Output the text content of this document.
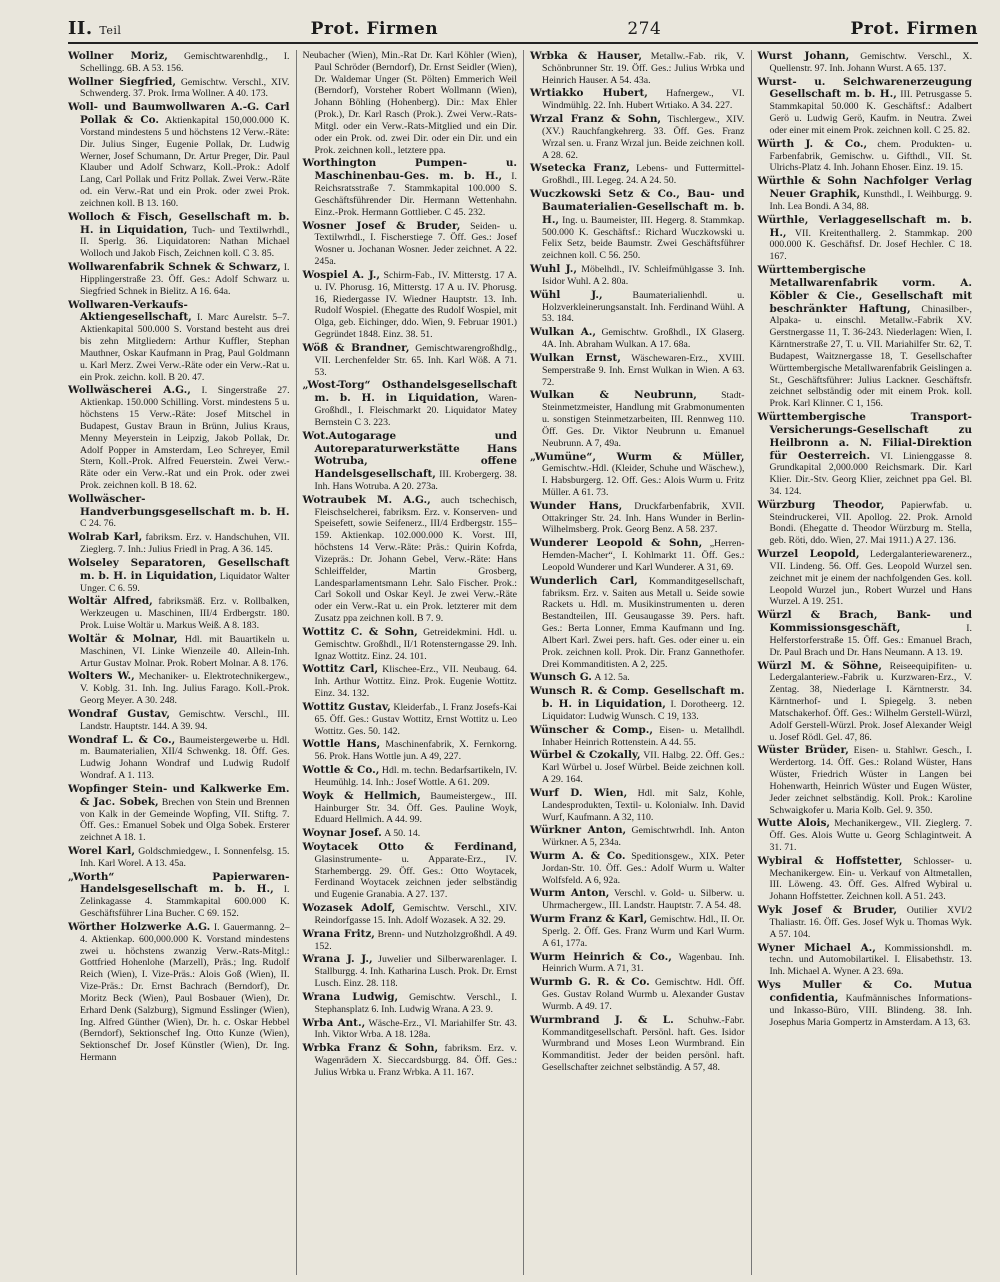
II. Teil	Prot. Firmen	274	Prot. Firmen

Wollner Moriz, Gemischtwarenhdlg., I. Schellingg. 6B. A 53. 156.

Wollner Siegfried, Gemischtw. Verschl., XIV. Schwenderg. 37. Prok. Irma Wollner. A 40. 173.

Woll- und Baumwollwaren A.-G. Carl Pollak & Co. Aktienkapital 150,000.000 K. Vorstand mindestens 5 und höchstens 12 Verw.-Räte: Dir. Julius Singer, Eugenie Pollak, Dr. Ludwig Werner, Josef Schumann, Dr. Artur Preger, Dir. Paul Klauber und Adolf Schwarz, Koll.-Prok.: Adolf Lang, Carl Pollak und Fritz Pollak. Zwei Verw.-Räte od. ein Verw.-Rat und ein Prok. oder zwei Prok. zeichnen koll. B 13. 160.

Wolloch & Fisch, Gesellschaft m. b. H. in Liquidation, Tuch- und Textilwrhdl., II. Sperlg. 36. Liquidatoren: Nathan Michael Wolloch und Jakob Fisch, Zeichnen koll. C 3. 85.

Wollwarenfabrik Schnek & Schwarz, I. Hipplingerstraße 23. Öff. Ges.: Adolf Schwarz u. Siegfried Schnek in Bielitz. A 16. 64a.

Wollwaren-Verkaufs-Aktiengesellschaft, I. Marc Aurelstr. 5–7. Aktienkapital 500.000 S. Vorstand besteht aus drei bis zehn Mitgliedern: Arthur Kuffler, Stephan Mauthner, Oskar Kaufmann in Prag, Paul Goldmann u. Karl Merz. Zwei Verw.-Räte oder ein Verw.-Rat u. ein Prok. zeichn. koll. B 20. 47.

Wollwäscherei A.G., I. Singerstraße 27. Aktienkap. 150.000 Schilling. Vorst. mindestens 5 u. höchstens 15 Verw.-Räte: Josef Mitschel in Budapest, Gustav Braun in Brünn, Julius Kraus, Menny Meyerstein in Leipzig, Jakob Pollak, Dr. Adolf Popper in Amsterdam, Leo Schreyer, Emil Stern, Koll.-Prok. Alfred Feuerstein. Zwei Verw.-Räte oder ein Verw.-Rat und ein Prok. oder zwei Prok. zeichnen koll. B 18. 62.

Wollwäscher-Handverbungsgesellschaft m. b. H. C 24. 76.

Wolrab Karl, fabriksm. Erz. v. Handschuhen, VII. Zieglerg. 7. Inh.: Julius Friedl in Prag. A 36. 145.

Wolseley Separatoren, Gesellschaft m. b. H. in Liquidation, Liquidator Walter Unger. C 6. 59.

Woltär Alfred, fabriksmäß. Erz. v. Rollbalken, Werkzeugen u. Maschinen, III/4 Erdbergstr. 180. Prok. Luise Woltär u. Markus Weiß. A 8. 183.

Woltär & Molnar, Hdl. mit Bauartikeln u. Maschinen, VI. Linke Wienzeile 40. Allein-Inh. Artur Gustav Molnar. Prok. Robert Molnar. A 8. 176.

Wolters W., Mechaniker- u. Elektrotechnikergew., V. Koblg. 31. Inh. Ing. Julius Farago. Koll.-Prok. Georg Meyer. A 30. 248.

Wondraf Gustav, Gemischtw. Verschl., III. Landstr. Hauptstr. 144. A 39. 94.

Wondraf L. & Co., Baumeistergewerbe u. Hdl. m. Baumaterialien, XII/4 Schwenkg. 18. Öff. Ges. Ludwig Johann Wondraf und Ludwig Rudolf Wondraf. A 1. 113.

Wopfinger Stein- und Kalkwerke Em. & Jac. Sobek, Brechen von Stein und Brennen von Kalk in der Gemeinde Wopfing, VII. Stiftg. 7. Öff. Ges.: Emanuel Sobek und Olga Sobek. Ersterer zeichnet A 18. 1.

Worel Karl, Goldschmiedgew., I. Sonnenfelsg. 15. Inh. Karl Worel. A 13. 45a.

„Worth“ Papierwaren-Handelsgesellschaft m. b. H., I. Zelinkagasse 4. Stammkapital 600.000 K. Geschäftsführer Lina Bucher. C 69. 152.

Wörther Holzwerke A.G. I. Gauermanng. 2–4. Aktienkap. 600,000.000 K. Vorstand mindestens zwei u. höchstens zwanzig Verw.-Rats-Mitgl.: Gottfried Hohenlohe (Marzell), Präs.; Ing. Rudolf Reich (Wien), I. Vize-Präs.: Alois Goß (Wien), II. Vize-Präs.: Dr. Ernst Bachrach (Berndorf), Dr. Moritz Beck (Wien), Paul Bosbauer (Wien), Dr. Erhard Denk (Salzburg), Sigmund Esslinger (Wien), Ing. Alfred Günther (Wien), Dr. h. c. Oskar Hebbel (Berndorf), Sektionschef Ing. Otto Kunze (Wien), Sektionschef Dr. Josef Künstler (Wien), Dr. Ing. Hermann

Neubacher (Wien), Min.-Rat Dr. Karl Köhler (Wien), Paul Schröder (Berndorf), Dr. Ernst Seidler (Wien), Dr. Waldemar Unger (St. Pölten) Emmerich Weil (Berndorf), Vorsteher Robert Wollmann (Wien), Johann Böhling (Hohenberg). Dir.: Max Ehler (Prok.), Dr. Karl Rasch (Prok.). Zwei Verw.-Rats-Mitgl. oder ein Verw.-Rats-Mitglied und ein Dir. oder ein Prok. od. zwei Dir. oder ein Dir. und ein Prok. zeichnen koll., letztere ppa.

Worthington Pumpen- u. Maschinenbau-Ges. m. b. H., I. Reichsratsstraße 7. Stammkapital 100.000 S. Geschäftsführender Dir. Hermann Wettenhahn. Einz.-Prok. Hermann Gottlieber. C 45. 232.

Wosner Josef & Bruder, Seiden- u. Textilwrhdl., I. Fischerstiege 7. Öff. Ges.: Josef Wosner u. Jochanan Wosner. Jeder zeichnet. A 22. 245a.

Wospiel A. J., Schirm-Fab., IV. Mitterstg. 17 A. u. IV. Phorusg. 16, Mitterstg. 17 A u. IV. Phorusg. 16, Riedergasse IV. Wiedner Hauptstr. 13. Inh. Rudolf Wospiel. (Ehegatte des Rudolf Wospiel, mit Olga, geb. Eichinger, ddo. Wien, 9. Februar 1901.) Gegründet 1848. Einz. 38. 51.

Wöß & Brandner, Gemischtwarengroßhdlg., VII. Lerchenfelder Str. 65. Inh. Karl Wöß. A 71. 53.

„Wost-Torg“ Osthandelsgesellschaft m. b. H. in Liquidation, Waren-Großhdl., I. Fleischmarkt 20. Liquidator Matey Bernstein C 3. 223.

Wot.Autogarage und Autoreparaturwerkstätte Hans Wotruba, offene Handelsgesellschaft, III. Krobergerg. 38. Inh. Hans Wotruba. A 20. 273a.

Wotraubek M. A.G., auch tschechisch, Fleischselcherei, fabriksm. Erz. v. Konserven- und Speisefett, sowie Seifenerz., III/4 Erdbergstr. 155–159. Aktienkap. 102.000.000 K. Vorst. III, höchstens 14 Verw.-Räte: Präs.: Quirin Kofrda, Vizepräs.: Dr. Johann Gebel, Verw.-Räte: Hans Schleiffelder, Martin Grosberg, Landesparlamentsmann Lehr. Salo Fischer. Prok.: Carl Sokoll und Oskar Keyl. Je zwei Verw.-Räte oder ein Verw.-Rat u. ein Prok. letzterer mit dem Zusatz ppa zeichnen koll. B 7. 9.

Wottitz C. & Sohn, Getreidekmini. Hdl. u. Gemischtw. Großhdl., II/1 Rotensterngasse 29. Inh. Ignaz Wottitz. Einz. 24. 101.

Wottitz Carl, Klischee-Erz., VII. Neubaug. 64. Inh. Arthur Wottitz. Einz. Prok. Eugenie Wottitz. Einz. 34. 132.

Wottitz Gustav, Kleiderfab., I. Franz Josefs-Kai 65. Öff. Ges.: Gustav Wottitz, Ernst Wottitz u. Leo Wottitz. Ges. 50. 142.

Wottle Hans, Maschinenfabrik, X. Fernkorng. 56. Prok. Hans Wottle jun. A 49, 227.

Wottle & Co., Hdl. m. techn. Bedarfsartikeln, IV. Heumühlg. 14. Inh.: Josef Wottle. A 61. 209.

Woyk & Hellmich, Baumeistergew., III. Hainburger Str. 34. Öff. Ges. Pauline Woyk, Eduard Hellmich. A 44. 99.

Woynar Josef. A 50. 14.

Woytacek Otto & Ferdinand, Glasinstrumente- u. Apparate-Erz., IV. Starhembergg. 29. Öff. Ges.: Otto Woytacek, Ferdinand Woytacek zeichnen jeder selbständig und Eugenie Granabia. A 27. 137.

Wozasek Adolf, Gemischtw. Verschl., XIV. Reindorfgasse 15. Inh. Adolf Wozasek. A 32. 29.

Wrana Fritz, Brenn- und Nutzholzgroßhdl. A 49. 152.

Wrana J. J., Juwelier und Silberwarenlager. I. Stallburgg. 4. Inh. Katharina Lusch. Prok. Dr. Ernst Lusch. Einz. 28. 118.

Wrana Ludwig, Gemischtw. Verschl., I. Stephansplatz 6. Inh. Ludwig Wrana. A 23. 9.

Wrba Ant., Wäsche-Erz., VI. Mariahilfer Str. 43. Inh. Viktor Wrba. A 18. 128a.

Wrbka Franz & Sohn, fabriksm. Erz. v. Wagenrädern X. Sieccardsburgg. 84. Öff. Ges.: Julius Wrbka u. Franz Wrbka. A 11. 167.

Wrbka & Hauser, Metallw.-Fab. rik, V. Schönbrunner Str. 19. Öff. Ges.: Julius Wrbka und Heinrich Hauser. A 54. 43a.

Wrtiakko Hubert, Hafnergew., VI. Windmühlg. 22. Inh. Hubert Wrtiako. A 34. 227.

Wrzal Franz & Sohn, Tischlergew., XIV. (XV.) Rauchfangkehrerg. 33. Öff. Ges. Franz Wrzal sen. u. Franz Wrzal jun. Beide zeichnen koll. A 28. 62.

Wsetecka Franz, Lebens- und Futtermittel-Großhdl., III. Legeg. 24. A 24. 50.

Wuczkowski Setz & Co., Bau- und Baumaterialien-Gesellschaft m. b. H., Ing. u. Baumeister, III. Hegerg. 8. Stammkap. 500.000 K. Geschäftsf.: Richard Wuczkowski u. Felix Setz, beide Baumstr. Zwei Geschäftsführer zeichnen koll. C 56. 250.

Wuhl J., Möbelhdl., IV. Schleifmühlgasse 3. Inh. Isidor Wuhl. A 2. 80a.

Wühl J.,	Baumaterialienhdl. u. Holzverkleinerungsanstalt. Inh. Ferdinand Wühl. A 53. 184.

Wulkan A., Gemischtw. Großhdl., IX Glaserg. 4A. Inh. Abraham Wulkan. A 17. 68a.

Wulkan Ernst, Wäschewaren-Erz., XVIII. Semperstraße 9. Inh. Ernst Wulkan in Wien. A 63. 72.

Wulkan & Neubrunn, Stadt-Steinmetzmeister, Handlung mit Grabmonumenten u. sonstigen Steinmetzarbeiten, III. Rennweg 110. Öff. Ges. Dr. Viktor Neubrunn u. Emanuel Neubrunn. A 7, 49a.

„Wumüne“, Wurm & Müller, Gemischtw.-Hdl. (Kleider, Schuhe und Wäschew.), I. Habsburgerg. 12. Off. Ges.: Alois Wurm u. Fritz Müller. A 61. 73.

Wunder Hans, Druckfarbenfabrik, XVII. Ottakringer Str. 24. Inh. Hans Wunder in Berlin-Wilhelmsberg. Prok. Georg Benz. A 58. 237.

Wunderer Leopold & Sohn, „Herren-Hemden-Macher“, I. Kohlmarkt 11. Öff. Ges.: Leopold Wunderer und Karl Wunderer. A 31, 69.

Wunderlich Carl, Kommanditgesellschaft, fabriksm. Erz. v. Saiten aus Metall u. Seide sowie Rackets u. Hdl. m. Musikinstrumenten u. deren Bestandteilen, III. Geusaugasse 39. Pers. haft. Ges.: Berta Lonner, Emma Kaufmann und Ing. Albert Karl. Zwei pers. haft. Ges. oder einer u. ein Prok. zeichnen koll. Prok. Dir. Franz Gannethofer. Drei Kommanditisten. A 2, 225.

Wunsch G. A 12. 5a.

Wunsch R. & Comp. Gesellschaft m. b. H. in Liquidation, I. Dorotheerg. 12. Liquidator: Ludwig Wunsch. C 19, 133.

Wünscher & Comp., Eisen- u. Metallhdl. Inhaber Heinrich Rottenstein. A 44. 55.

Würbel & Czokally, VII. Halbg. 22. Öff. Ges.: Karl Würbel u. Josef Würbel. Beide zeichnen koll. A 29. 164.

Wurf D. Wien, Hdl. mit Salz, Kohle, Landesprodukten, Textil- u. Kolonialw. Inh. David Wurf, Kaufmann. A 32, 110.

Würkner Anton, Gemischtwrhdl. Inh. Anton Würkner. A 5, 234a.

Wurm A. & Co. Speditionsgew., XIX. Peter Jordan-Str. 10. Öff. Ges.: Adolf Wurm u. Walter Wolfsfeld. A 6, 92a.

Wurm Anton, Verschl. v. Gold- u. Silberw. u. Uhrmachergew., III. Landstr. Hauptstr. 7. A 54. 48.

Wurm Franz & Karl, Gemischtw. Hdl., II. Or. Sperlg. 2. Öff. Ges. Franz Wurm und Karl Wurm. A 61, 177a.

Wurm Heinrich & Co., Wagenbau. Inh. Heinrich Wurm. A 71, 31.

Wurmb G. R. & Co. Gemischtw. Hdl. Öff. Ges. Gustav Roland Wurmb u. Alexander Gustav Wurmb. A 49. 17.

Wurmbrand J. & L. Schuhw.-Fabr. Kommanditgesellschaft. Persönl. haft. Ges. Isidor Wurmbrand und Moses Leon Wurmbrand. Ein Kommanditist. Jeder der beiden persönl. haft. Gesellschafter zeichnet selbständig. A 57, 48.

Wurst Johann, Gemischtw. Verschl., X. Quellenstr. 97. Inh. Johann Wurst. A 65. 137.

Wurst- u. Selchwarenerzeugung Gesellschaft m. b. H., III. Petrusgasse 5. Stammkapital 50.000 K. Geschäftsf.: Adalbert Gerö u. Ludwig Gerö, Kaufm. in Neutra. Zwei oder einer mit einem Prok. zeichnen koll. C 25. 82.

Würth J. & Co., chem. Produkten- u. Farbenfabrik, Gemischw. u. Gifthdl., VII. St. Ulrichs-Platz 4. Inh. Johann Ehoser. Einz. 19. 15.

Würthle & Sohn Nachfolger Verlag Neuer Graphik, Kunsthdl., I. Weihburgg. 9. Inh. Lea Bondi. A 34, 88.

Würthle, Verlaggesellschaft m. b. H., VII. Kreitenthallerg. 2. Stammkap. 200 000.000 K. Geschäftsf. Dr. Josef Hechler. C 18. 167.

Württembergische Metallwarenfabrik vorm. A. Köbler & Cie., Gesellschaft mit beschränkter Haftung, Chinasilber-, Alpaka- u. einschl. Metallw.-Fabrik XV. Gerstnergasse 11, T. 36-243. Niederlagen: Wien, I. Kärntnerstraße 27, T. u. VII. Mariahilfer Str. 62, T. Budapest, Waitznergasse 18, T. Gesellschafter Württembergische Metallwarenfabrik Geislingen a. St., Geschäftsführer: Julius Lackner. Geschäftsfr. zeichnet selbständig oder mit einem Prok. koll. Prok. Karl Klinner. C 1, 156.

Württembergische Transport-Versicherungs-Gesellschaft zu Heilbronn a. N. Filial-Direktion für Oesterreich. VI. Linienggasse 8. Grundkapital 2,000.000 Reichsmark. Dir. Karl Klier. Dir.-Stv. Georg Klier, zeichnet ppa Gel. Bl. 34. 124.

Würzburg Theodor, Papierwfab. u. Steindruckerei, VII. Apollog. 22. Prok. Arnold Bondi. (Ehegatte d. Theodor Würzburg m. Stella, geb. Röti, ddo. Wien, 27. Mai 1911.) A 27. 136.

Wurzel Leopold, Ledergalanteriewarenerz., VII. Lindeng. 56. Off. Ges. Leopold Wurzel sen. zeichnet mit je einem der nachfolgenden Ges. koll. Leopold Wurzel jun., Robert Wurzel und Hans Wurzel. A 19. 251.

Würzl & Brach, Bank- und Kommissionsgeschäft,	I. Helferstorferstraße 15. Öff. Ges.: Emanuel Brach, Dr. Paul Brach und Dr. Hans Neumann. A 13. 19.

Würzl M. & Söhne, Reiseequipifiten- u. Ledergalanteriew.-Fabrik u. Kurzwaren-Erz., V. Zentag. 38, Niederlage I. Kärntnerstr. 34. Kärntnerhof- und I. Spiegelg. 3. neben Matschakerhof. Öff. Ges.: Wilhelm Gerstell-Würzl, Adolf Gerstell-Würzl. Prok. Josef Alexander Weigl u. Josef Rödl. Gel. 47, 86.

Wüster Brüder, Eisen- u. Stahlwr. Gesch., I. Werdertorg. 14. Öff. Ges.: Roland Wüster, Hans Wüster, Friedrich Wüster in Langen bei Hohenwarth, Heinrich Wüster und Eugen Wüster, Jeder zeichnet selbständig. Koll. Prok.: Karoline Schwaigkofer u. Maria Kolb. Gel. 9. 350.

Wutte Alois, Mechanikergew., VII. Zieglerg. 7. Öff. Ges. Alois Wutte u. Georg Schlagintweit. A 31. 71.

Wybiral & Hoffstetter, Schlosser- u. Mechanikergew. Ein- u. Verkauf von Altmetallen, III. Löweng. 43. Öff. Ges. Alfred Wybiral u. Johann Hoffstetter. Zeichnen koll. A 51. 243.

Wyk Josef & Bruder, Outilier XVI/2 Thaliastr. 16. Öff. Ges. Josef Wyk u. Thomas Wyk. A 57. 104.

Wyner Michael A., Kommissionshdl. m. techn. und Automobilartikel. I. Elisabethstr. 13. Inh. Michael A. Wyner. A 23. 69a.

Wys Muller & Co. Mutua confidentia, Kaufmännisches Informations- und Inkasso-Büro, VIII. Blindeng. 38. Inh. Josephus Maria Gompertz in Amsterdam. A 13, 63.
